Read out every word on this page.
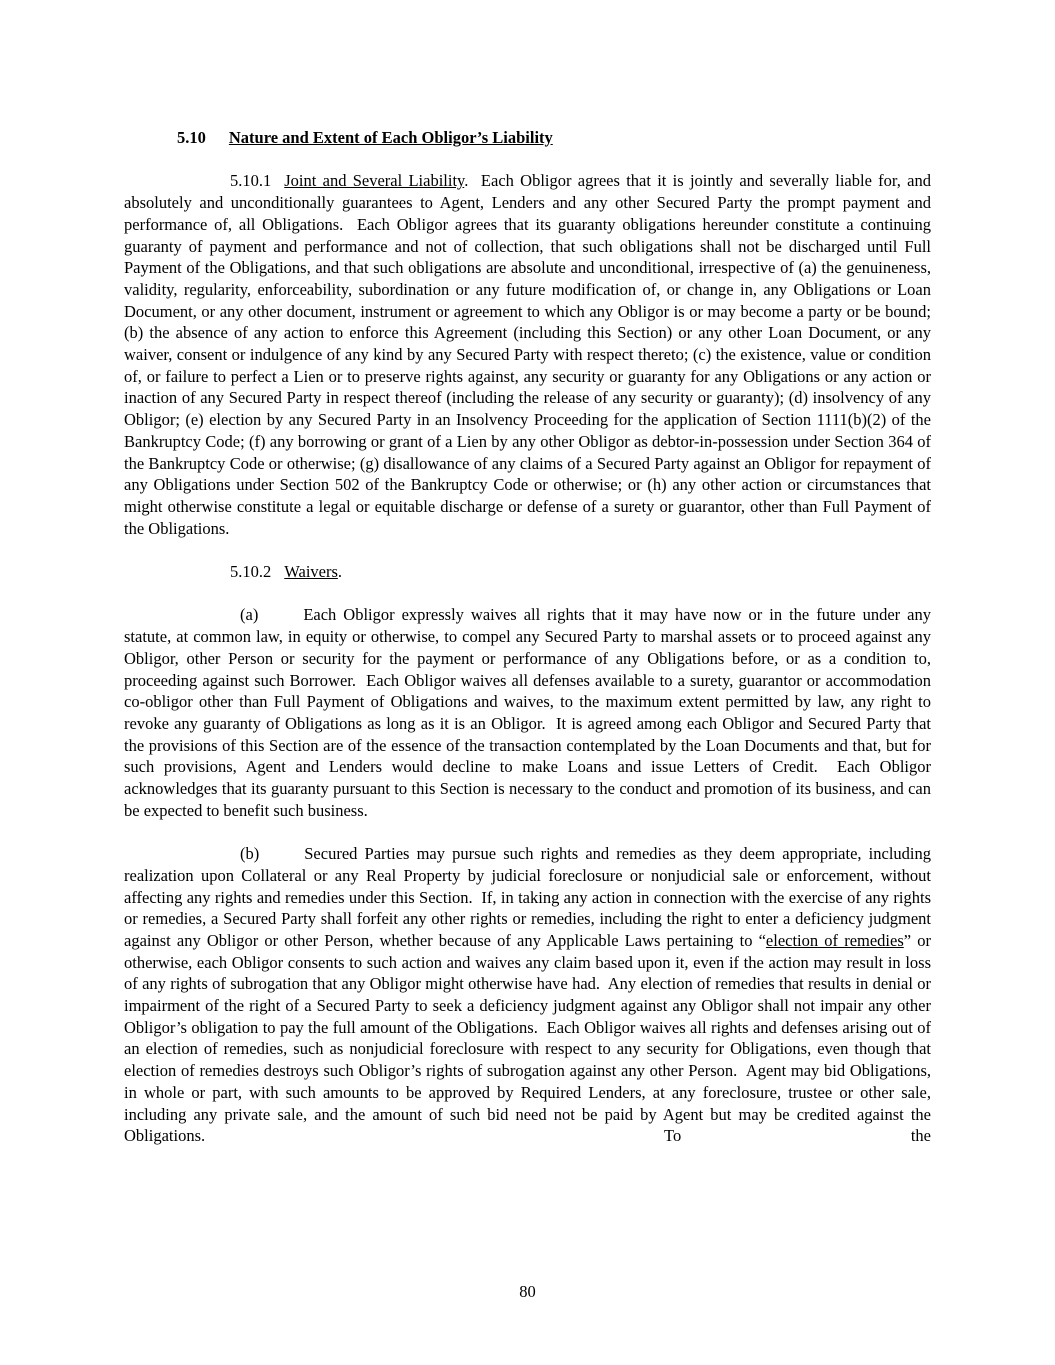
5.10 Nature and Extent of Each Obligor’s Liability

5.10.1 Joint and Several Liability.  Each Obligor agrees that it is jointly and severally liable for, and absolutely and unconditionally guarantees to Agent, Lenders and any other Secured Party the prompt payment and performance of, all Obligations.  Each Obligor agrees that its guaranty obligations hereunder constitute a continuing guaranty of payment and performance and not of collection, that such obligations shall not be discharged until Full Payment of the Obligations, and that such obligations are absolute and unconditional, irrespective of (a) the genuineness, validity, regularity, enforceability, subordination or any future modification of, or change in, any Obligations or Loan Document, or any other document, instrument or agreement to which any Obligor is or may become a party or be bound; (b) the absence of any action to enforce this Agreement (including this Section) or any other Loan Document, or any waiver, consent or indulgence of any kind by any Secured Party with respect thereto; (c) the existence, value or condition of, or failure to perfect a Lien or to preserve rights against, any security or guaranty for any Obligations or any action or inaction of any Secured Party in respect thereof (including the release of any security or guaranty); (d) insolvency of any Obligor; (e) election by any Secured Party in an Insolvency Proceeding for the application of Section 1111(b)(2) of the Bankruptcy Code; (f) any borrowing or grant of a Lien by any other Obligor as debtor-in-possession under Section 364 of the Bankruptcy Code or otherwise; (g) disallowance of any claims of a Secured Party against an Obligor for repayment of any Obligations under Section 502 of the Bankruptcy Code or otherwise; or (h) any other action or circumstances that might otherwise constitute a legal or equitable discharge or defense of a surety or guarantor, other than Full Payment of the Obligations.

5.10.2 Waivers.

(a)	Each Obligor expressly waives all rights that it may have now or in the future under any statute, at common law, in equity or otherwise, to compel any Secured Party to marshal assets or to proceed against any Obligor, other Person or security for the payment or performance of any Obligations before, or as a condition to, proceeding against such Borrower.  Each Obligor waives all defenses available to a surety, guarantor or accommodation co-obligor other than Full Payment of Obligations and waives, to the maximum extent permitted by law, any right to revoke any guaranty of Obligations as long as it is an Obligor.  It is agreed among each Obligor and Secured Party that the provisions of this Section are of the essence of the transaction contemplated by the Loan Documents and that, but for such provisions, Agent and Lenders would decline to make Loans and issue Letters of Credit.  Each Obligor acknowledges that its guaranty pursuant to this Section is necessary to the conduct and promotion of its business, and can be expected to benefit such business.

(b)	Secured Parties may pursue such rights and remedies as they deem appropriate, including realization upon Collateral or any Real Property by judicial foreclosure or nonjudicial sale or enforcement, without affecting any rights and remedies under this Section.  If, in taking any action in connection with the exercise of any rights or remedies, a Secured Party shall forfeit any other rights or remedies, including the right to enter a deficiency judgment against any Obligor or other Person, whether because of any Applicable Laws pertaining to “election of remedies” or otherwise, each Obligor consents to such action and waives any claim based upon it, even if the action may result in loss of any rights of subrogation that any Obligor might otherwise have had.  Any election of remedies that results in denial or impairment of the right of a Secured Party to seek a deficiency judgment against any Obligor shall not impair any other Obligor’s obligation to pay the full amount of the Obligations.  Each Obligor waives all rights and defenses arising out of an election of remedies, such as nonjudicial foreclosure with respect to any security for Obligations, even though that election of remedies destroys such Obligor’s rights of subrogation against any other Person.  Agent may bid Obligations, in whole or part, with such amounts to be approved by Required Lenders, at any foreclosure, trustee or other sale, including any private sale, and the amount of such bid need not be paid by Agent but may be credited against the Obligations.  To the

80
